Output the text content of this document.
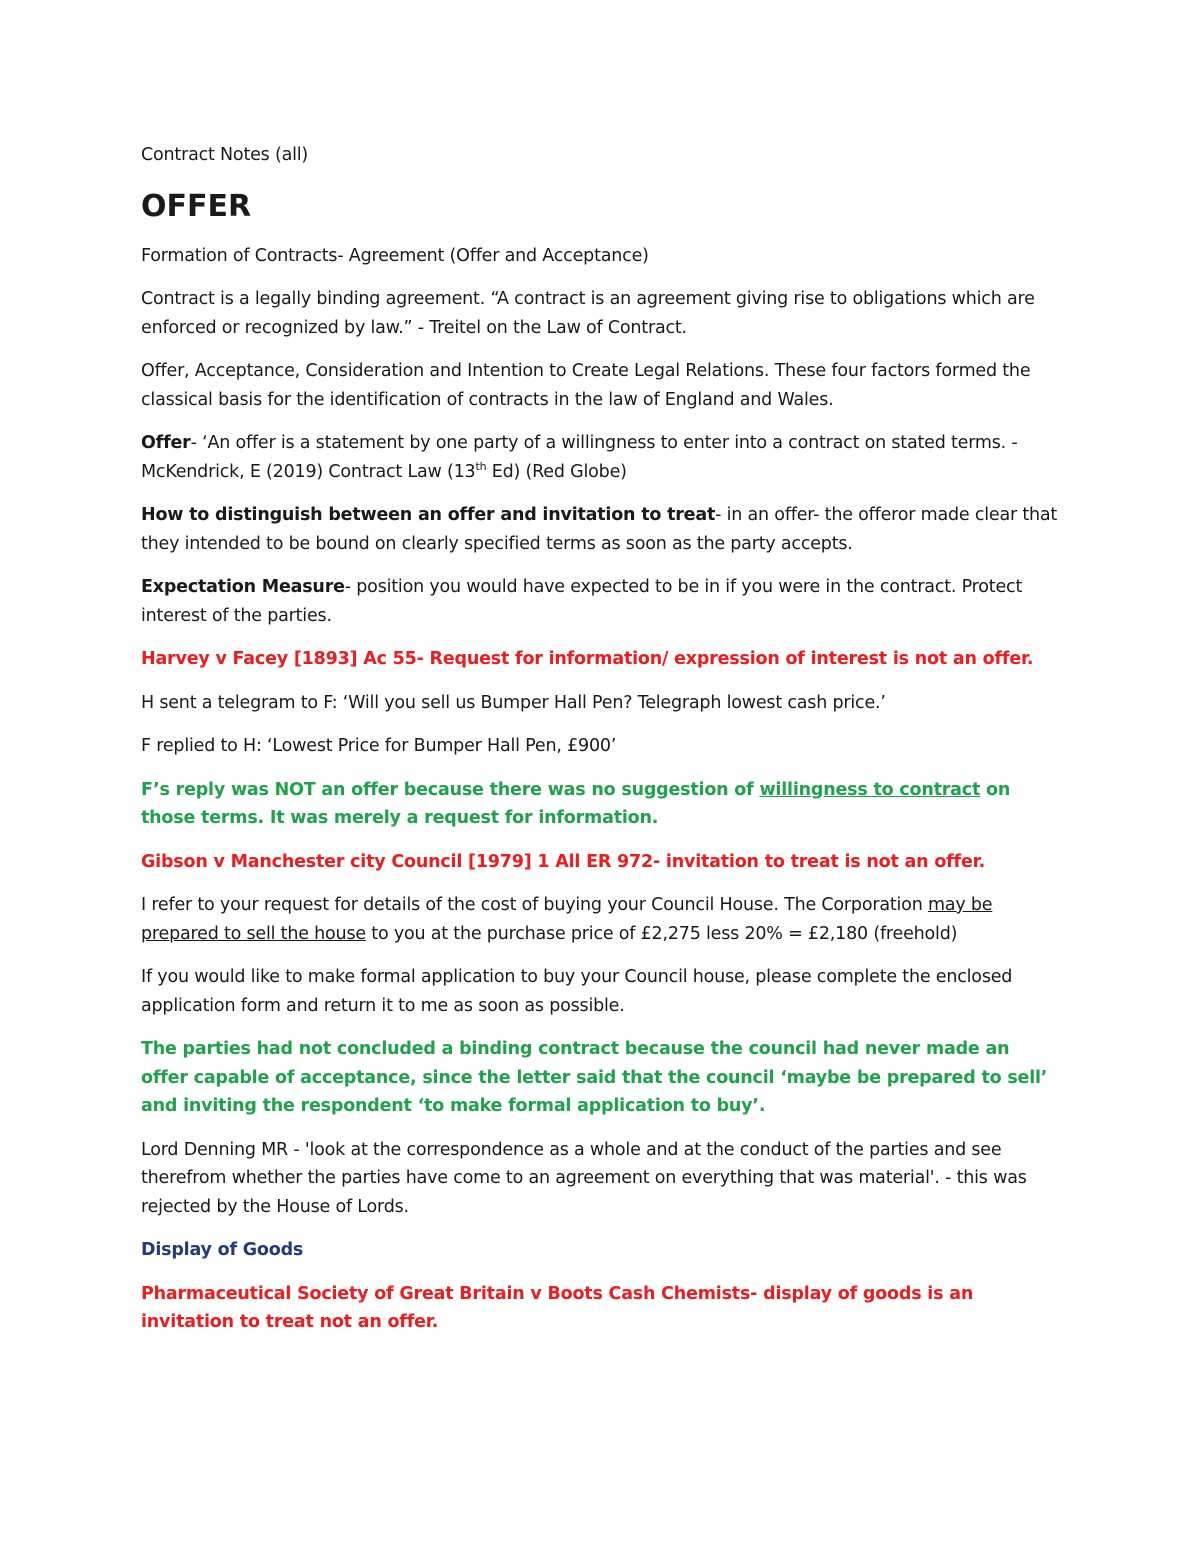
Contract Notes (all)

OFFER

Formation of Contracts- Agreement (Offer and Acceptance)

Contract is a legally binding agreement. “A contract is an agreement giving rise to obligations which are enforced or recognized by law.” - Treitel on the Law of Contract.

Offer, Acceptance, Consideration and Intention to Create Legal Relations. These four factors formed the classical basis for the identification of contracts in the law of England and Wales.

Offer- ‘An offer is a statement by one party of a willingness to enter into a contract on stated terms. - McKendrick, E (2019) Contract Law (13th Ed) (Red Globe)

How to distinguish between an offer and invitation to treat- in an offer- the offeror made clear that they intended to be bound on clearly specified terms as soon as the party accepts.

Expectation Measure- position you would have expected to be in if you were in the contract. Protect interest of the parties.

Harvey v Facey [1893] Ac 55- Request for information/ expression of interest is not an offer.

H sent a telegram to F: ‘Will you sell us Bumper Hall Pen? Telegraph lowest cash price.’

F replied to H: ‘Lowest Price for Bumper Hall Pen, £900’

F’s reply was NOT an offer because there was no suggestion of willingness to contract on those terms. It was merely a request for information.

Gibson v Manchester city Council [1979] 1 All ER 972- invitation to treat is not an offer.

I refer to your request for details of the cost of buying your Council House. The Corporation may be prepared to sell the house to you at the purchase price of £2,275 less 20% = £2,180 (freehold)

If you would like to make formal application to buy your Council house, please complete the enclosed application form and return it to me as soon as possible.

The parties had not concluded a binding contract because the council had never made an offer capable of acceptance, since the letter said that the council ‘maybe be prepared to sell’ and inviting the respondent ‘to make formal application to buy’.

Lord Denning MR - 'look at the correspondence as a whole and at the conduct of the parties and see therefrom whether the parties have come to an agreement on everything that was material'. - this was rejected by the House of Lords.

Display of Goods

Pharmaceutical Society of Great Britain v Boots Cash Chemists- display of goods is an invitation to treat not an offer.
